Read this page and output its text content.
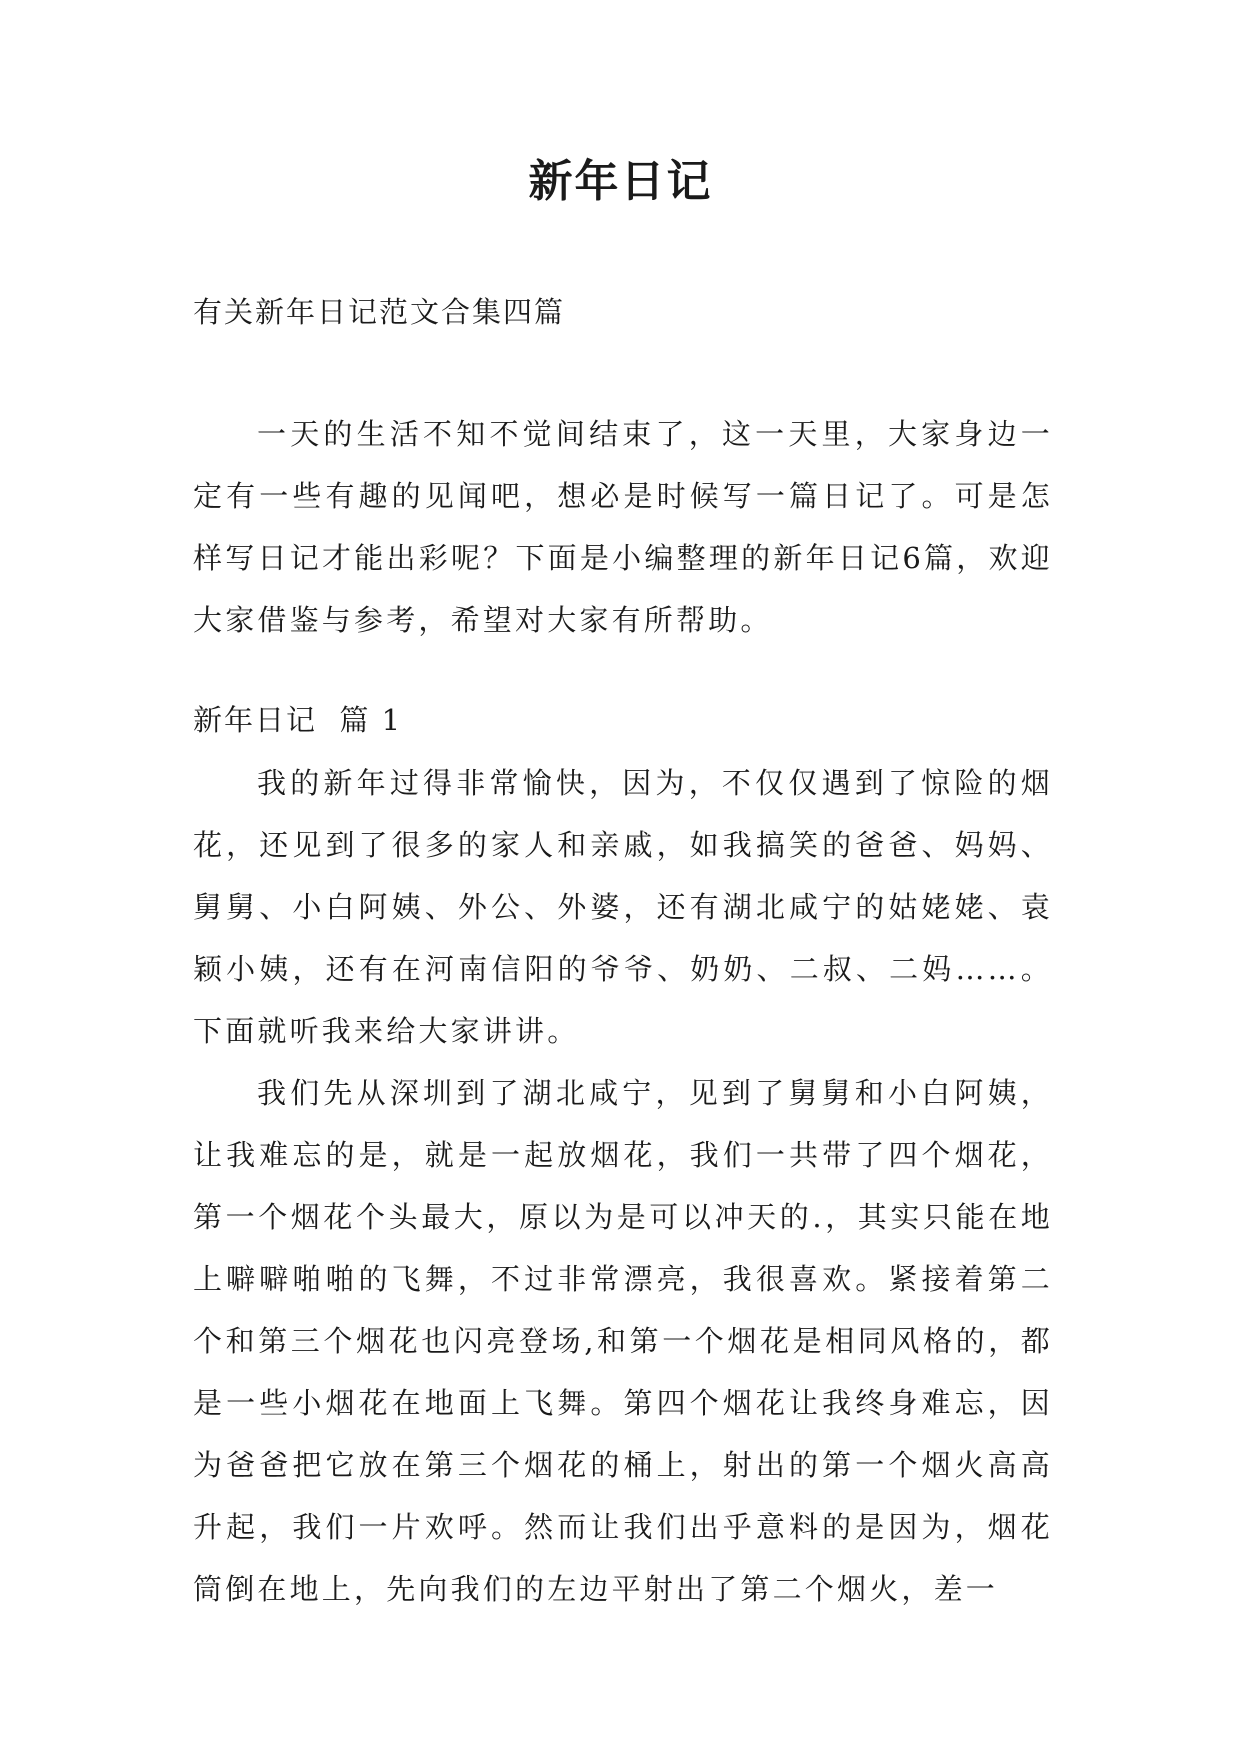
新年日记

有关新年日记范文合集四篇

一天的生活不知不觉间结束了，这一天里，大家身边一定有一些有趣的见闻吧，想必是时候写一篇日记了。可是怎样写日记才能出彩呢？下面是小编整理的新年日记6篇，欢迎大家借鉴与参考，希望对大家有所帮助。

新年日记  篇 1

我的新年过得非常愉快，因为，不仅仅遇到了惊险的烟花，还见到了很多的家人和亲戚，如我搞笑的爸爸、妈妈、舅舅、小白阿姨、外公、外婆，还有湖北咸宁的姑姥姥、袁颖小姨，还有在河南信阳的爷爷、奶奶、二叔、二妈……。下面就听我来给大家讲讲。

我们先从深圳到了湖北咸宁，见到了舅舅和小白阿姨，让我难忘的是，就是一起放烟花，我们一共带了四个烟花，第一个烟花个头最大，原以为是可以冲天的.，其实只能在地上噼噼啪啪的飞舞，不过非常漂亮，我很喜欢。紧接着第二个和第三个烟花也闪亮登场,和第一个烟花是相同风格的，都是一些小烟花在地面上飞舞。第四个烟花让我终身难忘，因为爸爸把它放在第三个烟花的桶上，射出的第一个烟火高高升起，我们一片欢呼。然而让我们出乎意料的是因为，烟花筒倒在地上，先向我们的左边平射出了第二个烟火，差一
